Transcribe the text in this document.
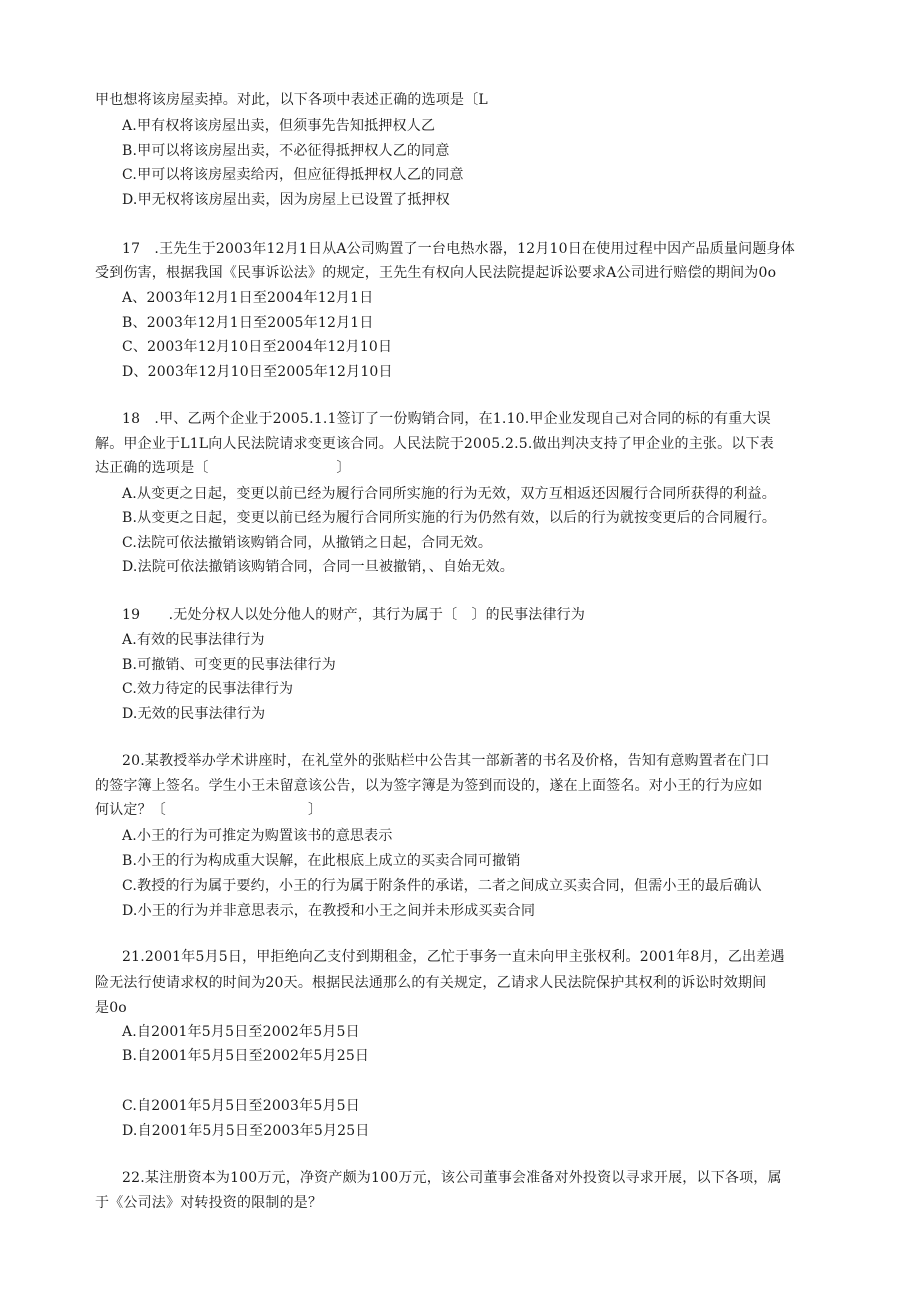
甲也想将该房屋卖掉。对此，以下各项中表述正确的选项是〔L
A.甲有权将该房屋出卖，但须事先告知抵押权人乙
B.甲可以将该房屋出卖，不必征得抵押权人乙的同意
C.甲可以将该房屋卖给丙，但应征得抵押权人乙的同意
D.甲无权将该房屋出卖，因为房屋上已设置了抵押权
17　.王先生于2003年12月1日从A公司购置了一台电热水器，12月10日在使用过程中因产品质量问题身体
受到伤害，根据我国《民事诉讼法》的规定，王先生有权向人民法院提起诉讼要求A公司进行赔偿的期间为0o
A、2003年12月1日至2004年12月1日
B、2003年12月1日至2005年12月1日
C、2003年12月10日至2004年12月10日
D、2003年12月10日至2005年12月10日
18　.甲、乙两个企业于2005.1.1签订了一份购销合同，在1.10.甲企业发现自己对合同的标的有重大误
解。甲企业于L1L向人民法院请求变更该合同。人民法院于2005.2.5.做出判决支持了甲企业的主张。以下表
达正确的选项是〔　　　　　　　　　〕
A.从变更之日起，变更以前已经为履行合同所实施的行为无效，双方互相返还因履行合同所获得的利益。
B.从变更之日起，变更以前已经为履行合同所实施的行为仍然有效，以后的行为就按变更后的合同履行。
C.法院可依法撤销该购销合同，从撤销之日起，合同无效。
D.法院可依法撤销该购销合同，合同一旦被撤销，、自始无效。
19　　.无处分权人以处分他人的财产，其行为属于〔　〕的民事法律行为
A.有效的民事法律行为
B.可撤销、可变更的民事法律行为
C.效力待定的民事法律行为
D.无效的民事法律行为
20.某教授举办学术讲座时，在礼堂外的张贴栏中公告其一部新著的书名及价格，告知有意购置者在门口
的签字簿上签名。学生小王未留意该公告，以为签字簿是为签到而设的，遂在上面签名。对小王的行为应如
何认定？〔　　　　　　　　　　〕
A.小王的行为可推定为购置该书的意思表示
B.小王的行为构成重大误解，在此根底上成立的买卖合同可撤销
C.教授的行为属于要约，小王的行为属于附条件的承诺，二者之间成立买卖合同，但需小王的最后确认
D.小王的行为并非意思表示，在教授和小王之间并未形成买卖合同
21.2001年5月5日，甲拒绝向乙支付到期租金，乙忙于事务一直未向甲主张权利。2001年8月，乙出差遇
险无法行使请求权的时间为20天。根据民法通那么的有关规定，乙请求人民法院保护其权利的诉讼时效期间
是0o
A.自2001年5月5日至2002年5月5日
B.自2001年5月5日至2002年5月25日
C.自2001年5月5日至2003年5月5日
D.自2001年5月5日至2003年5月25日
22.某注册资本为100万元，净资产颇为100万元，该公司董事会准备对外投资以寻求开展，以下各项，属
于《公司法》对转投资的限制的是？
